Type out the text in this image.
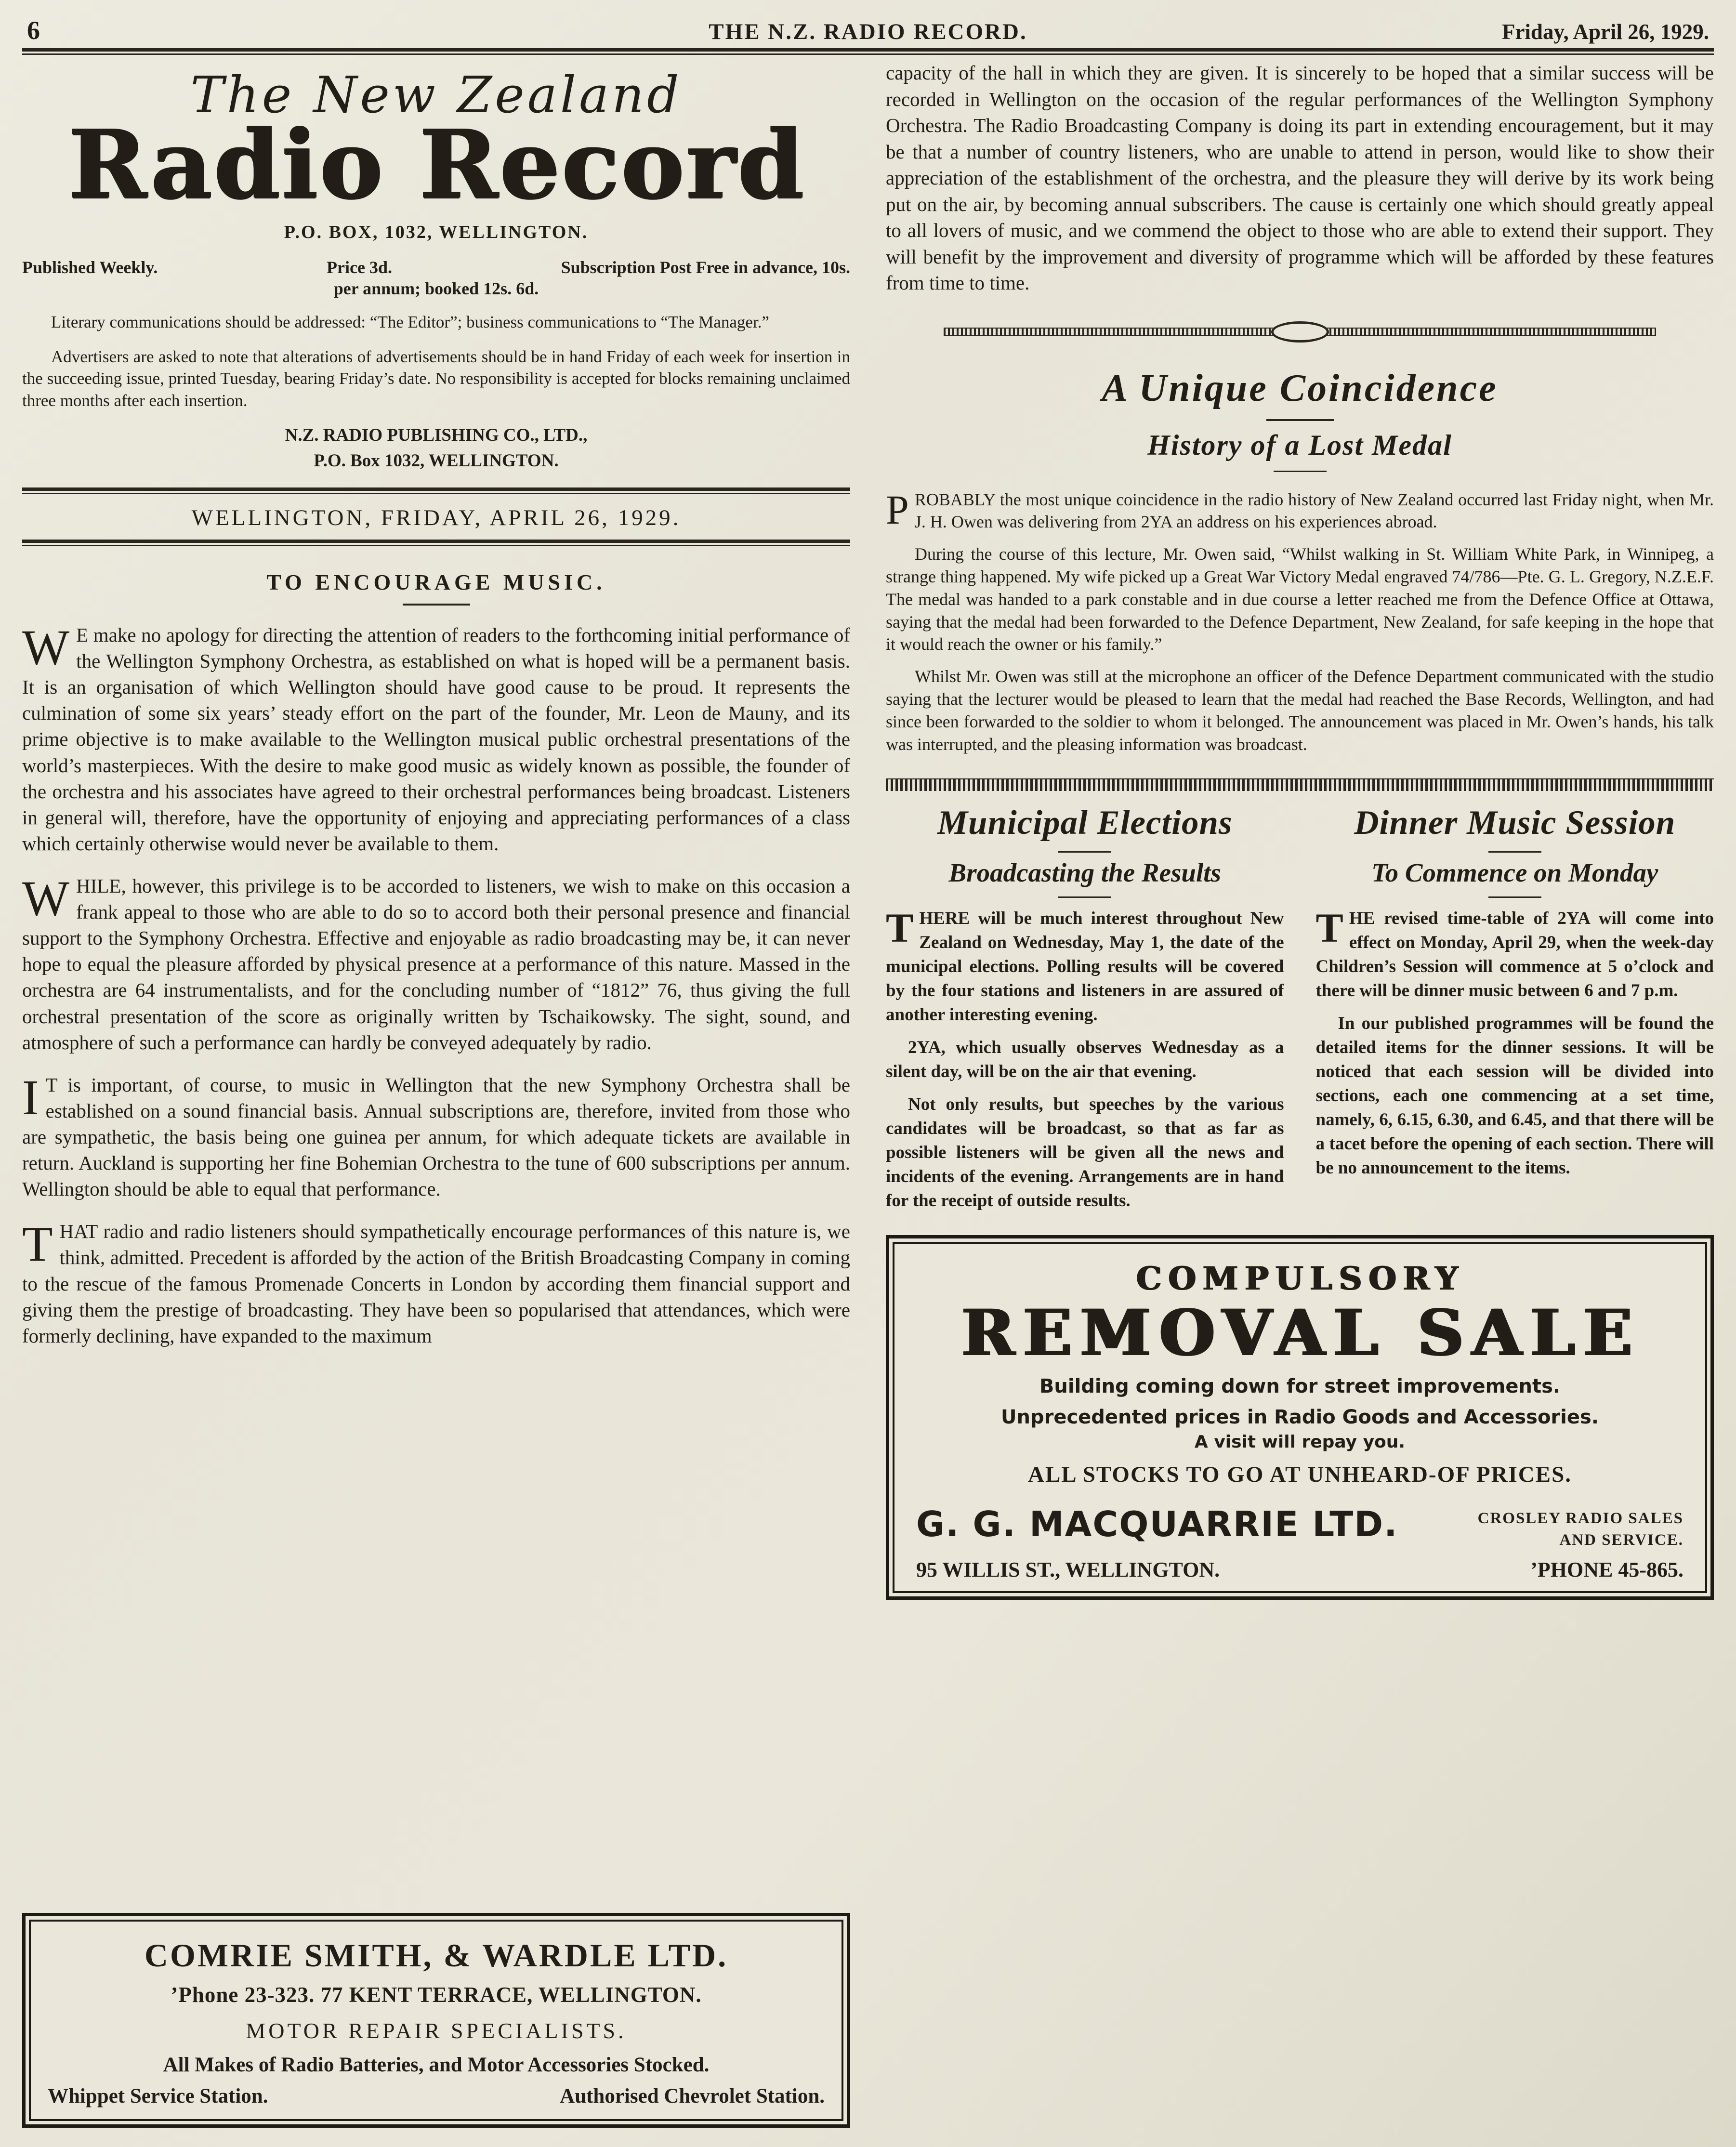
6	THE N.Z. RADIO RECORD.	Friday, April 26, 1929.
The New Zealand
Radio Record
P.O. BOX, 1032, WELLINGTON.
Published Weekly.	Price 3d.	Subscription Post Free in advance, 10s.
per annum; booked 12s. 6d.

Literary communications should be addressed: “The Editor”; business communications to “The Manager.”

Advertisers are asked to note that alterations of advertisements should be in hand Friday of each week for insertion in the succeeding issue, printed Tuesday, bearing Friday’s date. No responsibility is accepted for blocks remaining unclaimed three months after each insertion.

N.Z. RADIO PUBLISHING CO., LTD.,
P.O. Box 1032, WELLINGTON.
WELLINGTON, FRIDAY, APRIL 26, 1929.
TO ENCOURAGE MUSIC.

W E make no apology for directing the attention of readers to the forthcoming initial performance of the Wellington Symphony Orchestra, as established on what is hoped will be a permanent basis. It is an organisation of which Wellington should have good cause to be proud. It represents the culmination of some six years’ steady effort on the part of the founder, Mr. Leon de Mauny, and its prime objective is to make available to the Wellington musical public orchestral presentations of the world’s masterpieces. With the desire to make good music as widely known as possible, the founder of the orchestra and his associates have agreed to their orchestral performances being broadcast. Listeners in general will, therefore, have the opportunity of enjoying and appreciating performances of a class which certainly otherwise would never be available to them.

WHILE, however, this privilege is to be accorded to listeners, we wish to make on this occasion a frank appeal to those who are able to do so to accord both their personal presence and financial support to the Symphony Orchestra. Effective and enjoyable as radio broadcasting may be, it can never hope to equal the pleasure afforded by physical presence at a performance of this nature. Massed in the orchestra are 64 instrumentalists, and for the concluding number of “1812” 76, thus giving the full orchestral presentation of the score as originally written by Tschaikowsky. The sight, sound, and atmosphere of such a performance can hardly be conveyed adequately by radio.

I T is important, of course, to music in Wellington that the new Symphony Orchestra shall be established on a sound financial basis. Annual subscriptions are, therefore, invited from those who are sympathetic, the basis being one guinea per annum, for which adequate tickets are available in return. Auckland is supporting her fine Bohemian Orchestra to the tune of 600 subscriptions per annum. Wellington should be able to equal that performance.

THAT radio and radio listeners should sympathetically encourage performances of this nature is, we think, admitted. Precedent is afforded by the action of the British Broadcasting Company in coming to the rescue of the famous Promenade Concerts in London by according them financial support and giving them the prestige of broadcasting. They have been so popularised that attendances, which were formerly declining, have expanded to the maximum

COMRIE SMITH, & WARDLE LTD.
’Phone 23-323. 77 KENT TERRACE, WELLINGTON.
MOTOR REPAIR SPECIALISTS.
All Makes of Radio Batteries, and Motor Accessories Stocked.
Whippet Service Station.	Authorised Chevrolet Station.

capacity of the hall in which they are given. It is sincerely to be hoped that a similar success will be recorded in Wellington on the occasion of the regular performances of the Wellington Symphony Orchestra. The Radio Broadcasting Company is doing its part in extending encouragement, but it may be that a number of country listeners, who are unable to attend in person, would like to show their appreciation of the establishment of the orchestra, and the pleasure they will derive by its work being put on the air, by becoming annual subscribers. The cause is certainly one which should greatly appeal to all lovers of music, and we commend the object to those who are able to extend their support. They will benefit by the improvement and diversity of programme which will be afforded by these features from time to time.

A Unique Coincidence
History of a Lost Medal

PROBABLY the most unique coincidence in the radio history of New Zealand occurred last Friday night, when Mr. J. H. Owen was delivering from 2YA an address on his experiences abroad.

During the course of this lecture, Mr. Owen said, “Whilst walking in St. William White Park, in Winnipeg, a strange thing happened. My wife picked up a Great War Victory Medal engraved 74/786—Pte. G. L. Gregory, N.Z.E.F. The medal was handed to a park constable and in due course a letter reached me from the Defence Office at Ottawa, saying that the medal had been forwarded to the Defence Department, New Zealand, for safe keeping in the hope that it would reach the owner or his family.”

Whilst Mr. Owen was still at the microphone an officer of the Defence Department communicated with the studio saying that the lecturer would be pleased to learn that the medal had reached the Base Records, Wellington, and had since been forwarded to the soldier to whom it belonged. The announcement was placed in Mr. Owen’s hands, his talk was interrupted, and the pleasing information was broadcast.

Municipal Elections
Broadcasting the Results

THERE will be much interest throughout New Zealand on Wednesday, May 1, the date of the municipal elections. Polling results will be covered by the four stations and listeners in are assured of another interesting evening.

2YA, which usually observes Wednesday as a silent day, will be on the air that evening.

Not only results, but speeches by the various candidates will be broadcast, so that as far as possible listeners will be given all the news and incidents of the evening. Arrangements are in hand for the receipt of outside results.

Dinner Music Session
To Commence on Monday

THE revised time-table of 2YA will come into effect on Monday, April 29, when the week-day Children’s Session will commence at 5 o’clock and there will be dinner music between 6 and 7 p.m.

In our published programmes will be found the detailed items for the dinner sessions. It will be noticed that each session will be divided into sections, each one commencing at a set time, namely, 6, 6.15, 6.30, and 6.45, and that there will be a tacet before the opening of each section. There will be no announcement to the items.

COMPULSORY
REMOVAL SALE
Building coming down for street improvements.
Unprecedented prices in Radio Goods and Accessories.
A visit will repay you.
ALL STOCKS TO GO AT UNHEARD-OF PRICES.
G. G. MACQUARRIE LTD.	CROSLEY RADIO SALES
AND SERVICE.
95 WILLIS ST., WELLINGTON.	’PHONE 45-865.
